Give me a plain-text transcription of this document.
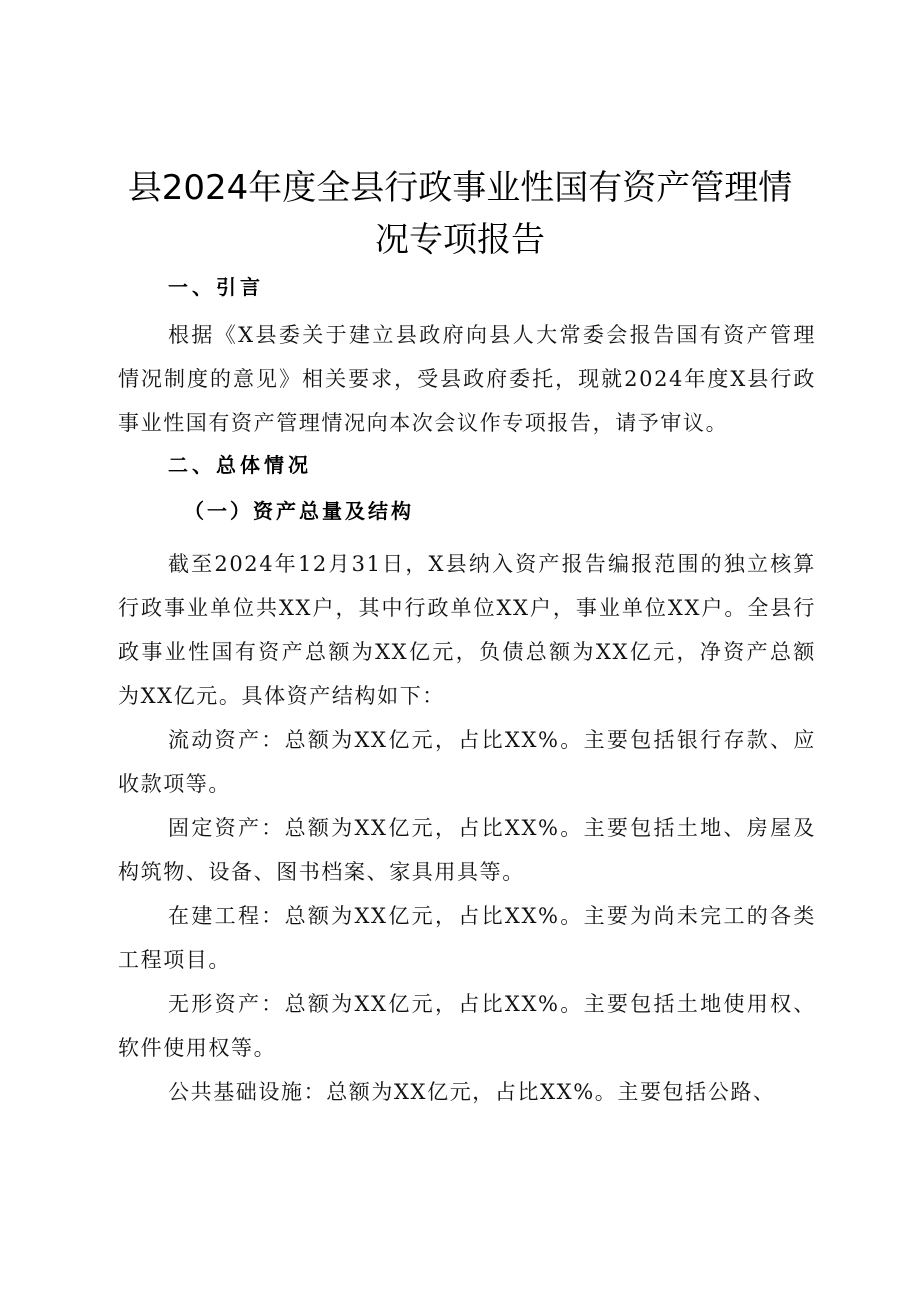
县2024年度全县行政事业性国有资产管理情
况专项报告

一、引言

根据《X县委关于建立县政府向县人大常委会报告国有资产管理情况制度的意见》相关要求，受县政府委托，现就2024年度X县行政事业性国有资产管理情况向本次会议作专项报告，请予审议。

二、总体情况

（一）资产总量及结构

截至2024年12月31日，X县纳入资产报告编报范围的独立核算行政事业单位共XX户，其中行政单位XX户，事业单位XX户。全县行政事业性国有资产总额为XX亿元，负债总额为XX亿元，净资产总额为XX亿元。具体资产结构如下：

流动资产：总额为XX亿元，占比XX%。主要包括银行存款、应收款项等。

固定资产：总额为XX亿元，占比XX%。主要包括土地、房屋及构筑物、设备、图书档案、家具用具等。

在建工程：总额为XX亿元，占比XX%。主要为尚未完工的各类工程项目。

无形资产：总额为XX亿元，占比XX%。主要包括土地使用权、软件使用权等。

公共基础设施：总额为XX亿元，占比XX%。主要包括公路、
